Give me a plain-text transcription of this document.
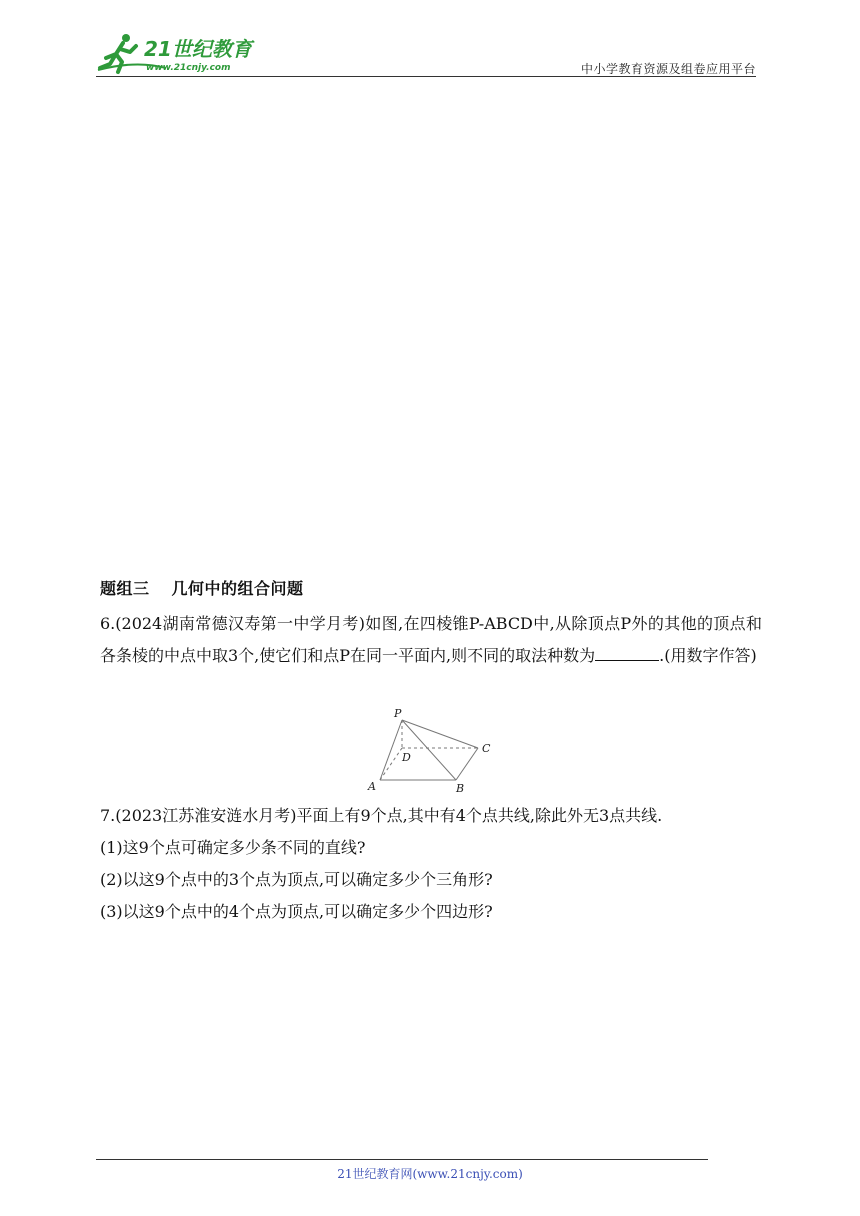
21世纪教育
www.21cnjy.com	中小学教育资源及组卷应用平台
题组三 几何中的组合问题
6.(2024湖南常德汉寿第一中学月考)如图,在四棱锥P-ABCD中,从除顶点P外的其他的顶点和各条棱的中点中取3个,使它们和点P在同一平面内,则不同的取法种数为	.(用数字作答)
P
D
C
A	B
7.(2023江苏淮安涟水月考)平面上有9个点,其中有4个点共线,除此外无3点共线.
(1)这9个点可确定多少条不同的直线?
(2)以这9个点中的3个点为顶点,可以确定多少个三角形?
(3)以这9个点中的4个点为顶点,可以确定多少个四边形?
21世纪教育网(www.21cnjy.com)
